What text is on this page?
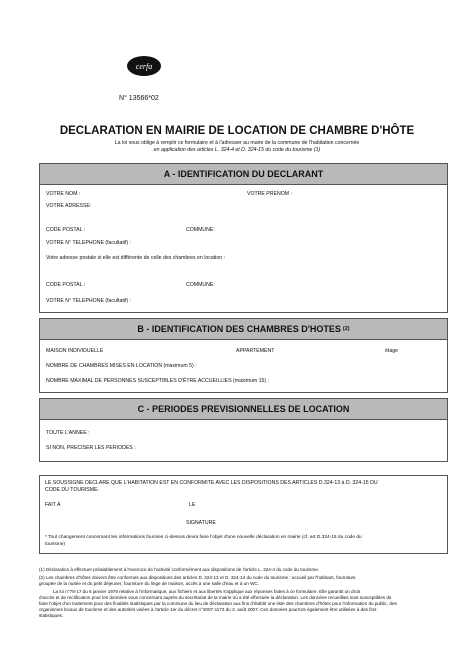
cerfa
N° 13566*02
DECLARATION EN MAIRIE DE LOCATION DE CHAMBRE D'HÔTE
La loi vous oblige à remplir ce formulaire et à l'adresser au maire de la commune de l'habitation concernée
en application des articles L. 324-4 et D. 324-15 du code du tourisme (1)
A - IDENTIFICATION DU DECLARANT
VOTRE NOM :	VOTRE PRENOM :
VOTRE ADRESSE:
CODE POSTAL :	COMMUNE:
VOTRE N° TELEPHONE (facultatif) :
Votre adresse postale si elle est différente de celle des chambres en location :
CODE POSTAL :	COMMUNE:
VOTRE N° TELEPHONE (facultatif) :
B - IDENTIFICATION DES CHAMBRES D'HOTES (2)
MAISON INDIVIDUELLE	APPARTEMENT	étage
NOMBRE DE CHAMBRES MISES EN LOCATION (maximum 5) :
NOMBRE MAXIMAL DE PERSONNES SUSCEPTIBLES D'ÊTRE ACCUEILLIES (maximum 15) :
C - PERIODES PREVISIONNELLES DE LOCATION
TOUTE L'ANNEE :
SI NON, PRECISER LES PERIODES :
LE SOUSSIGNE DECLARE QUE L'HABITATION EST EN CONFORMITE AVEC LES DISPOSITIONS DES ARTICLES D.324-13 à D. 324-15 DU
CODE DU TOURISME.
FAIT A	LE
SIGNATURE
* Tout changement concernant les informations fournies ci-dessus devra faire l'objet d'une nouvelle déclaration en mairie (cf. art D.324-15 du code du
tourisme)
(1) Déclaration à effectuer préalablement à l'exercice de l'activité conformément aux dispositions de l'article L. 324-4 du code du tourisme.
(2) Les chambres d'hôtes doivent être conformes aux dispositions des articles D. 324-13 et D. 324-14 du code du tourisme : accueil par l'habitant, fourniture
groupée de la nuitée et du petit déjeuner, fourniture du linge de maison, accès à une salle d'eau et à un WC.
La loi n°78-17 du 6 janvier 1978 relative à l'informatique, aux fichiers et aux libertés s'applique aux réponses faites à ce formulaire. Elle garantit un droit
d'accès et de rectification pour les données vous concernant auprès du secrétariat de la mairie où a été effectuée la déclaration. Les données recueillies sont susceptibles de
faire l'objet d'un traitement pour des finalités statistiques par la commune du lieu de déclaration aux fins d'établir une liste des chambres d'hôtes pour l'information du public, des
organismes locaux de tourisme et des autorités visées à l'article 1er du décret n°2007-1173 du 3. août 2007. Ces données pourront également être utilisées à des fins
statistiques.
